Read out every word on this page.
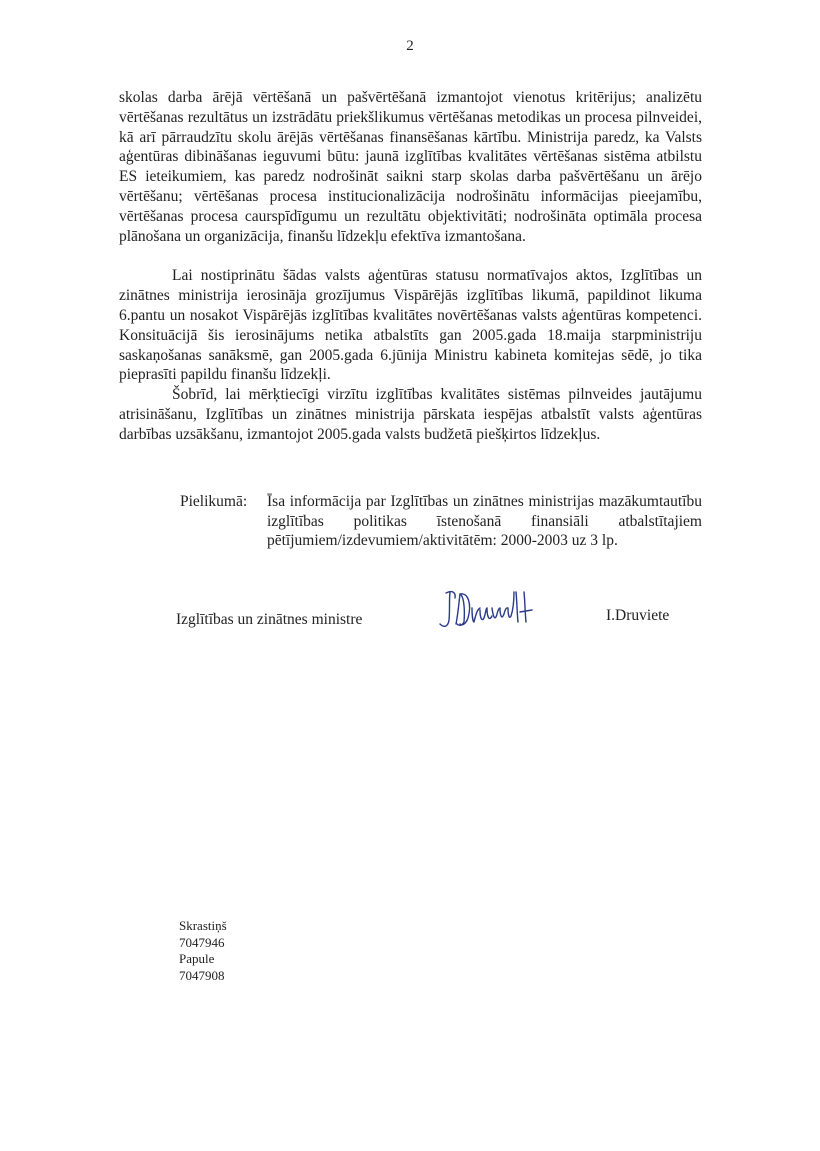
2

skolas darba ārējā vērtēšanā un pašvērtēšanā izmantojot vienotus kritērijus; analizētu vērtēšanas rezultātus un izstrādātu priekšlikumus vērtēšanas metodikas un procesa pilnveidei, kā arī pārraudzītu skolu ārējās vērtēšanas finansēšanas kārtību. Ministrija paredz, ka Valsts aģentūras dibināšanas ieguvumi būtu: jaunā izglītības kvalitātes vērtēšanas sistēma atbilstu ES ieteikumiem, kas paredz nodrošināt saikni starp skolas darba pašvērtēšanu un ārējo vērtēšanu; vērtēšanas procesa institucionalizācija nodrošinātu informācijas pieejamību, vērtēšanas procesa caurspīdīgumu un rezultātu objektivitāti; nodrošināta optimāla procesa plānošana un organizācija, finanšu līdzekļu efektīva izmantošana.

Lai nostiprinātu šādas valsts aģentūras statusu normatīvajos aktos, Izglītības un zinātnes ministrija ierosināja grozījumus Vispārējās izglītības likumā, papildinot likuma 6.pantu un nosakot Vispārējās izglītības kvalitātes novērtēšanas valsts aģentūras kompetenci. Konsituācijā šis ierosinājums netika atbalstīts gan 2005.gada 18.maija starpministriju saskaņošanas sanāksmē, gan 2005.gada 6.jūnija Ministru kabineta komitejas sēdē, jo tika pieprasīti papildu finanšu līdzekļi.

Šobrīd, lai mērķtiecīgi virzītu izglītības kvalitātes sistēmas pilnveides jautājumu atrisināšanu, Izglītības un zinātnes ministrija pārskata iespējas atbalstīt valsts aģentūras darbības uzsākšanu, izmantojot 2005.gada valsts budžetā piešķirtos līdzekļus.

Pielikumā:	Īsa informācija par Izglītības un zinātnes ministrijas mazākumtautību izglītības politikas īstenošanā finansiāli atbalstītajiem pētījumiem/izdevumiem/aktivitātēm: 2000-2003 uz 3 lp.

Izglītības un zinātnes ministre	I.Druviete
Skrastiņš
7047946
Papule
7047908
